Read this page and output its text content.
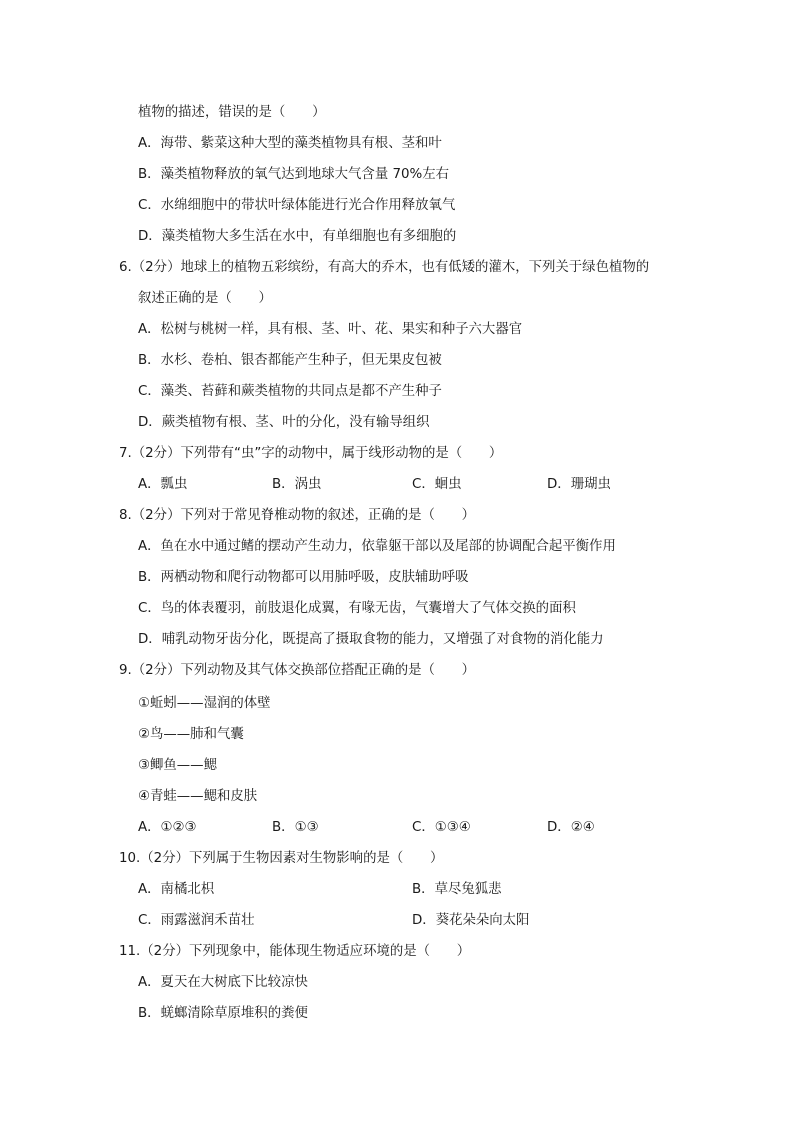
植物的描述，错误的是（　　）
A．海带、紫菜这种大型的藻类植物具有根、茎和叶
B．藻类植物释放的氧气达到地球大气含量 70%左右
C．水绵细胞中的带状叶绿体能进行光合作用释放氧气
D．藻类植物大多生活在水中，有单细胞也有多细胞的
6.（2分）地球上的植物五彩缤纷，有高大的乔木，也有低矮的灌木，下列关于绿色植物的
叙述正确的是（　　）
A．松树与桃树一样，具有根、茎、叶、花、果实和种子六大器官
B．水杉、卷柏、银杏都能产生种子，但无果皮包被
C．藻类、苔藓和蕨类植物的共同点是都不产生种子
D．蕨类植物有根、茎、叶的分化，没有输导组织
7.（2分）下列带有“虫”字的动物中，属于线形动物的是（　　）
A．瓢虫	B．涡虫	C．蛔虫	D．珊瑚虫
8.（2分）下列对于常见脊椎动物的叙述，正确的是（　　）
A．鱼在水中通过鳍的摆动产生动力，依靠躯干部以及尾部的协调配合起平衡作用
B．两栖动物和爬行动物都可以用肺呼吸，皮肤辅助呼吸
C．鸟的体表覆羽，前肢退化成翼，有喙无齿，气囊增大了气体交换的面积
D．哺乳动物牙齿分化，既提高了摄取食物的能力，又增强了对食物的消化能力
9.（2分）下列动物及其气体交换部位搭配正确的是（　　）
①蚯蚓——湿润的体壁
②鸟——肺和气囊
③鲫鱼——鳃
④青蛙——鳃和皮肤
A．①②③	B．①③	C．①③④	D．②④
10.（2分）下列属于生物因素对生物影响的是（　　）
A．南橘北枳	B．草尽兔狐悲
C．雨露滋润禾苗壮	D．葵花朵朵向太阳
11.（2分）下列现象中，能体现生物适应环境的是（　　）
A．夏天在大树底下比较凉快
B．蜣螂清除草原堆积的粪便
